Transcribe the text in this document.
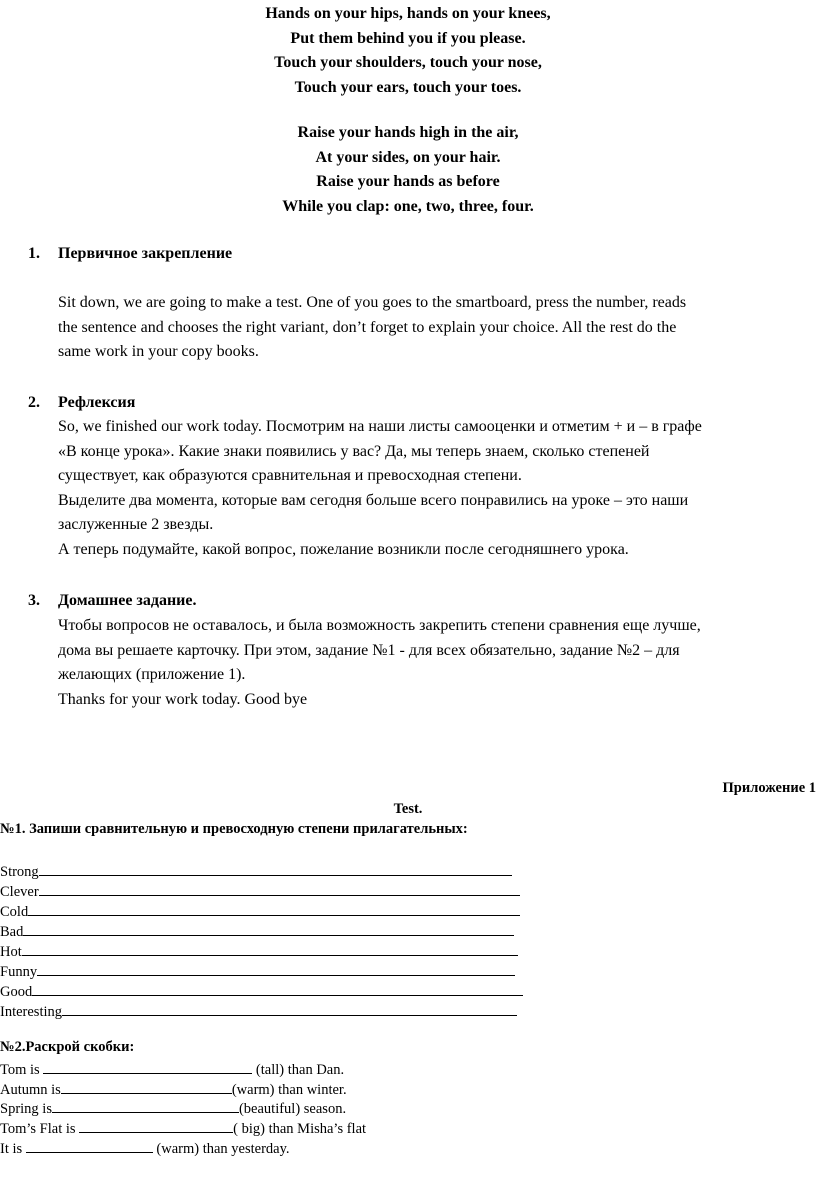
Hands on your hips, hands on your knees,
Put them behind you if you please.
Touch your shoulders, touch your nose,
Touch your ears, touch your toes.
Raise your hands high in the air,
At your sides, on your hair.
Raise your hands as before
While you clap: one, two, three, four.
1. Первичное закрепление
Sit down, we are going to make a test. One of you goes to the smartboard, press the number, reads
the sentence and chooses the right variant, don’t forget to explain your choice. All the rest do the
same work in your copy books.
2. Рефлексия
So, we finished our work today. Посмотрим на наши листы самооценки и отметим + и – в графе
«В конце урока». Какие знаки появились у вас? Да, мы теперь знаем, сколько степеней
существует, как образуются сравнительная и превосходная степени.
Выделите два момента, которые вам сегодня больше всего понравились на уроке – это наши
заслуженные 2 звезды.
А теперь подумайте, какой вопрос, пожелание возникли после сегодняшнего урока.
3. Домашнее задание.
Чтобы вопросов не оставалось, и была возможность закрепить степени сравнения еще лучше,
дома вы решаете карточку. При этом, задание №1 - для всех обязательно, задание №2 – для
желающих (приложение 1).
Thanks for your work today. Good bye
Приложение 1
Test.
№1. Запиши сравнительную и превосходную степени прилагательных:
Strong
Clever
Cold
Bad
Hot
Funny
Good
Interesting
№2.Раскрой скобки:
Tom is	(tall) than Dan.
Autumn is	(warm) than winter.
Spring is	(beautiful) season.
Tom’s Flat is	( big) than Misha’s flat
It is	(warm) than yesterday.
